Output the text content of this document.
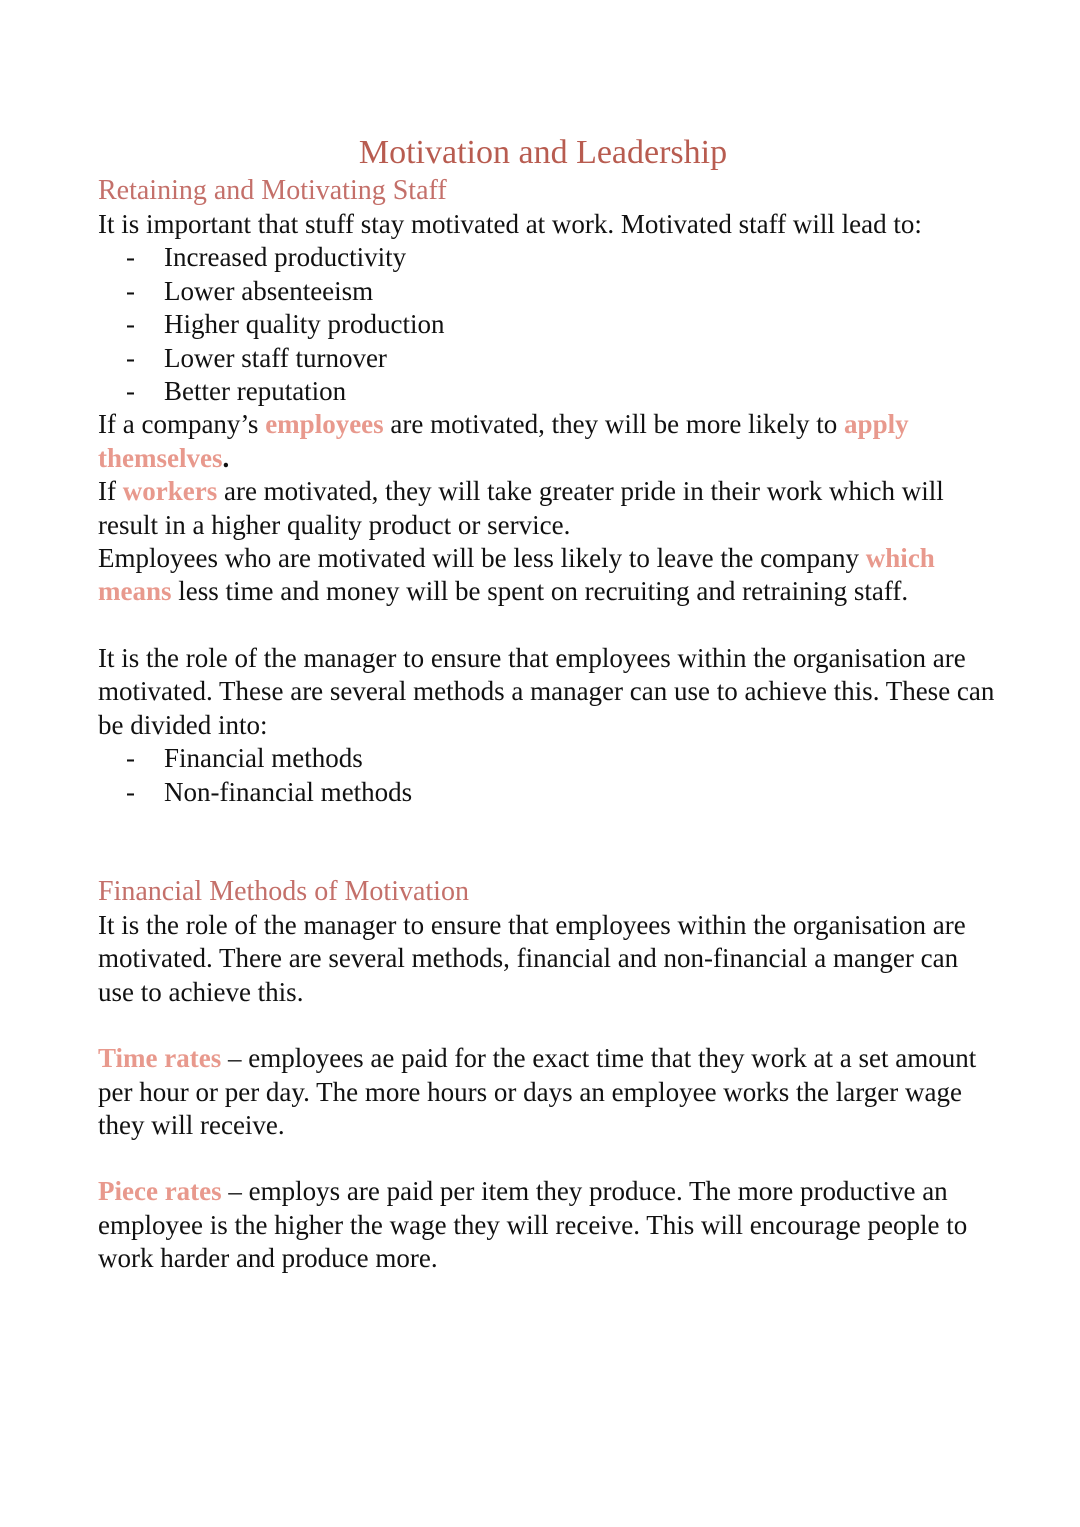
Motivation and Leadership
Retaining and Motivating Staff

It is important that stuff stay motivated at work. Motivated staff will lead to:

-	Increased productivity
-	Lower absenteeism
-	Higher quality production
-	Lower staff turnover
-	Better reputation

If a company’s employees are motivated, they will be more likely to apply themselves.

If workers are motivated, they will take greater pride in their work which will result in a higher quality product or service.

Employees who are motivated will be less likely to leave the company which means less time and money will be spent on recruiting and retraining staff.

It is the role of the manager to ensure that employees within the organisation are motivated. These are several methods a manager can use to achieve this. These can be divided into:

-	Financial methods
-	Non-financial methods
Financial Methods of Motivation

It is the role of the manager to ensure that employees within the organisation are motivated. There are several methods, financial and non-financial a manger can use to achieve this.

Time rates – employees ae paid for the exact time that they work at a set amount per hour or per day. The more hours or days an employee works the larger wage they will receive.

Piece rates – employs are paid per item they produce. The more productive an employee is the higher the wage they will receive. This will encourage people to work harder and produce more.
